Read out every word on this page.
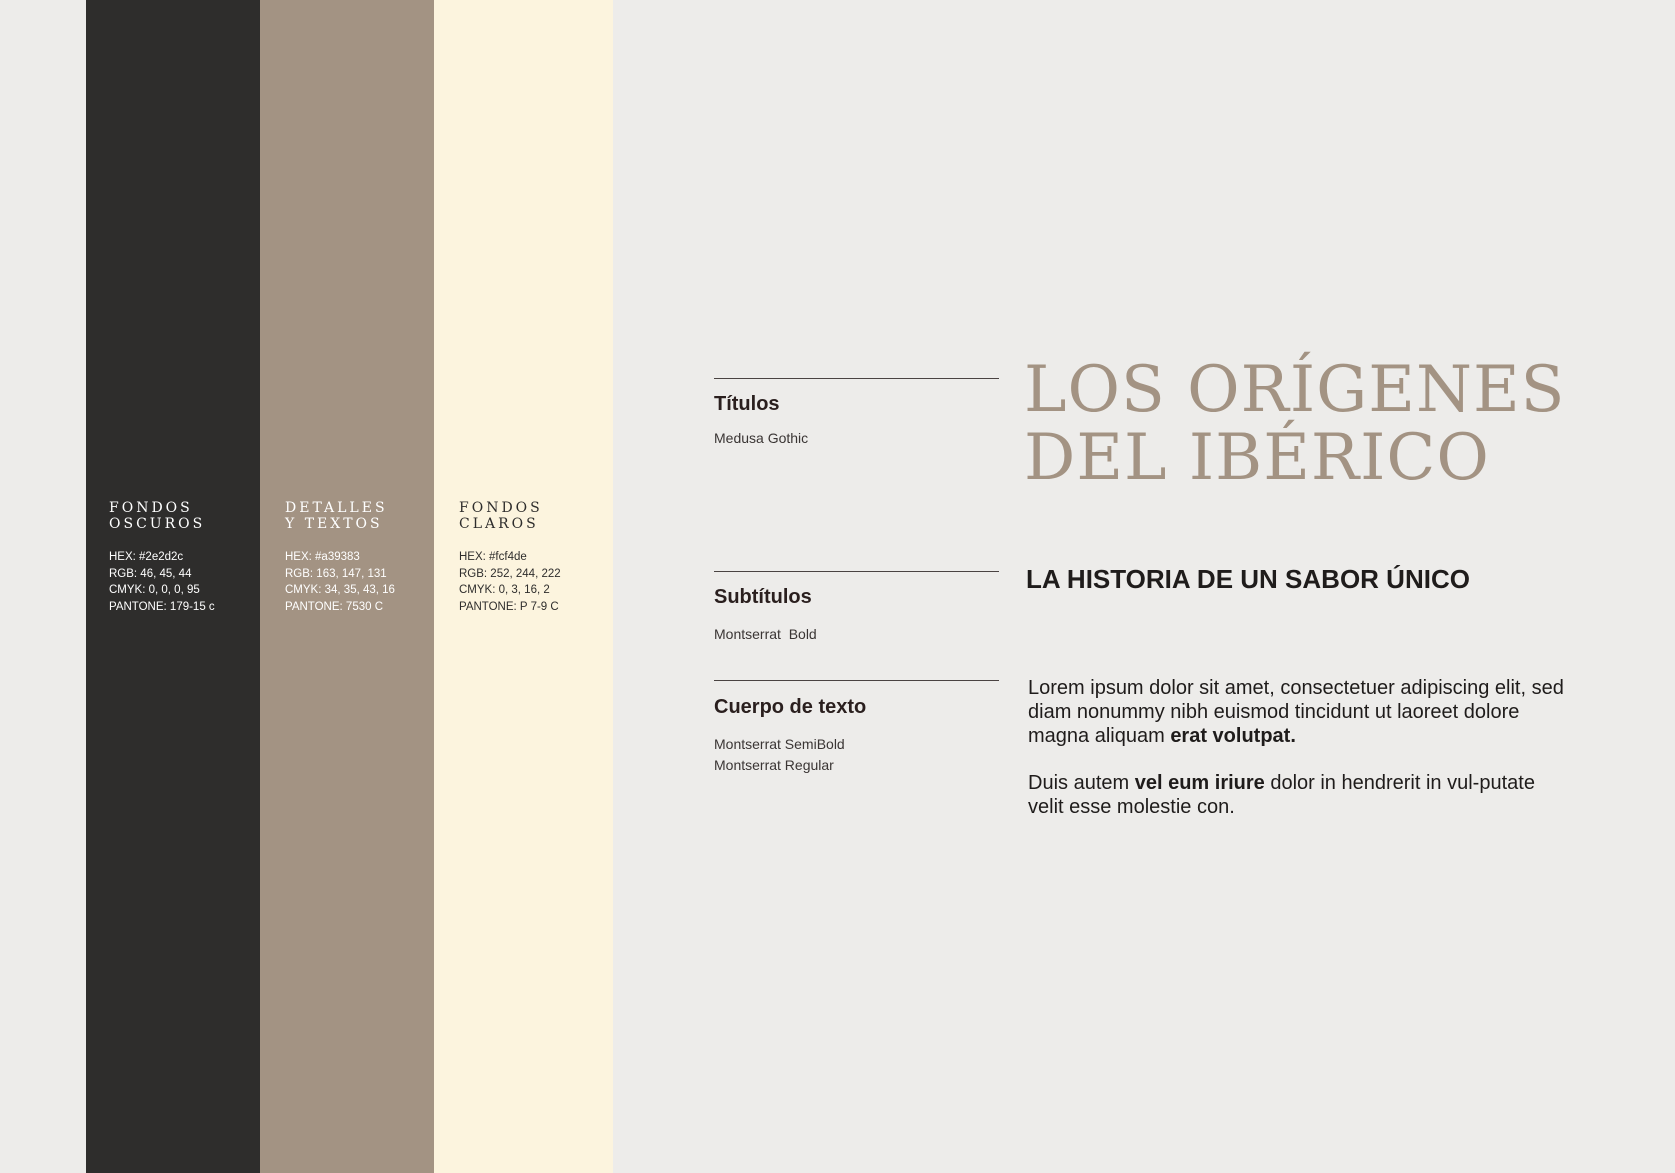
FONDOS
OSCUROS
HEX: #2e2d2c
RGB: 46, 45, 44
CMYK: 0, 0, 0, 95
PANTONE: 179-15 c
DETALLES
Y TEXTOS
HEX: #a39383
RGB: 163, 147, 131
CMYK: 34, 35, 43, 16
PANTONE: 7530 C
FONDOS
CLAROS
HEX: #fcf4de
RGB: 252, 244, 222
CMYK: 0, 3, 16, 2
PANTONE: P 7-9 C
Títulos
Medusa Gothic
Subtítulos
Montserrat  Bold
Cuerpo de texto
Montserrat SemiBold
Montserrat Regular
LOS ORÍGENES
DEL IBÉRICO
LA HISTORIA DE UN SABOR ÚNICO
Lorem ipsum dolor sit amet, consectetuer adipiscing elit, sed diam nonummy nibh euismod tincidunt ut laoreet dolore magna aliquam erat volutpat.
Duis autem vel eum iriure dolor in hendrerit in vul-putate velit esse molestie con.
